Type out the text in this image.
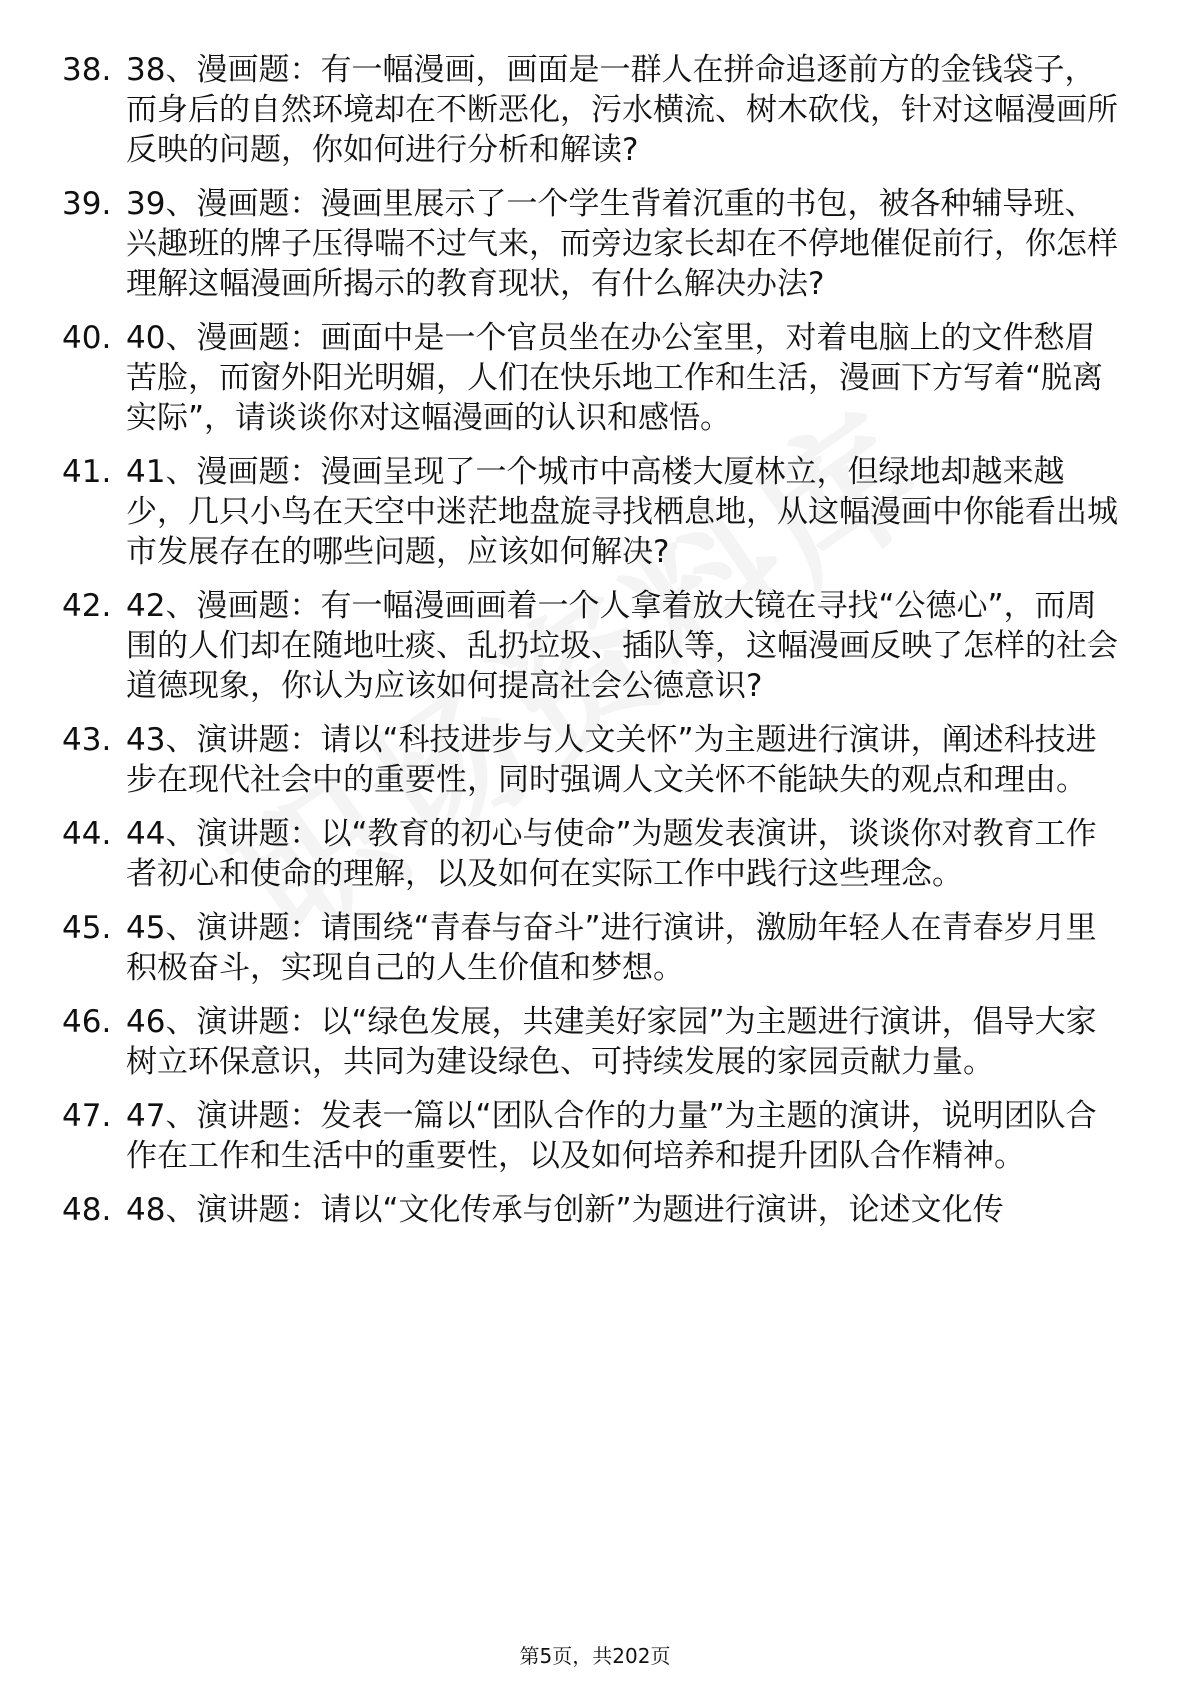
38. 38、漫画题：有一幅漫画，画面是一群人在拼命追逐前方的金钱袋子，而身后的自然环境却在不断恶化，污水横流、树木砍伐，针对这幅漫画所反映的问题，你如何进行分析和解读?
39. 39、漫画题：漫画里展示了一个学生背着沉重的书包，被各种辅导班、兴趣班的牌子压得喘不过气来，而旁边家长却在不停地催促前行，你怎样理解这幅漫画所揭示的教育现状，有什么解决办法?
40. 40、漫画题：画面中是一个官员坐在办公室里，对着电脑上的文件愁眉苦脸，而窗外阳光明媚，人们在快乐地工作和生活，漫画下方写着“脱离实际”，请谈谈你对这幅漫画的认识和感悟。
41. 41、漫画题：漫画呈现了一个城市中高楼大厦林立，但绿地却越来越少，几只小鸟在天空中迷茫地盘旋寻找栖息地，从这幅漫画中你能看出城市发展存在的哪些问题，应该如何解决?
42. 42、漫画题：有一幅漫画画着一个人拿着放大镜在寻找“公德心”，而周围的人们却在随地吐痰、乱扔垃圾、插队等，这幅漫画反映了怎样的社会道德现象，你认为应该如何提高社会公德意识?
43. 43、演讲题：请以“科技进步与人文关怀”为主题进行演讲，阐述科技进步在现代社会中的重要性，同时强调人文关怀不能缺失的观点和理由。
44. 44、演讲题：以“教育的初心与使命”为题发表演讲，谈谈你对教育工作者初心和使命的理解，以及如何在实际工作中践行这些理念。
45. 45、演讲题：请围绕“青春与奋斗”进行演讲，激励年轻人在青春岁月里积极奋斗，实现自己的人生价值和梦想。
46. 46、演讲题：以“绿色发展，共建美好家园”为主题进行演讲，倡导大家树立环保意识，共同为建设绿色、可持续发展的家园贡献力量。
47. 47、演讲题：发表一篇以“团队合作的力量”为主题的演讲，说明团队合作在工作和生活中的重要性，以及如何培养和提升团队合作精神。
48. 48、演讲题：请以“文化传承与创新”为题进行演讲，论述文化传
第5页，共202页
